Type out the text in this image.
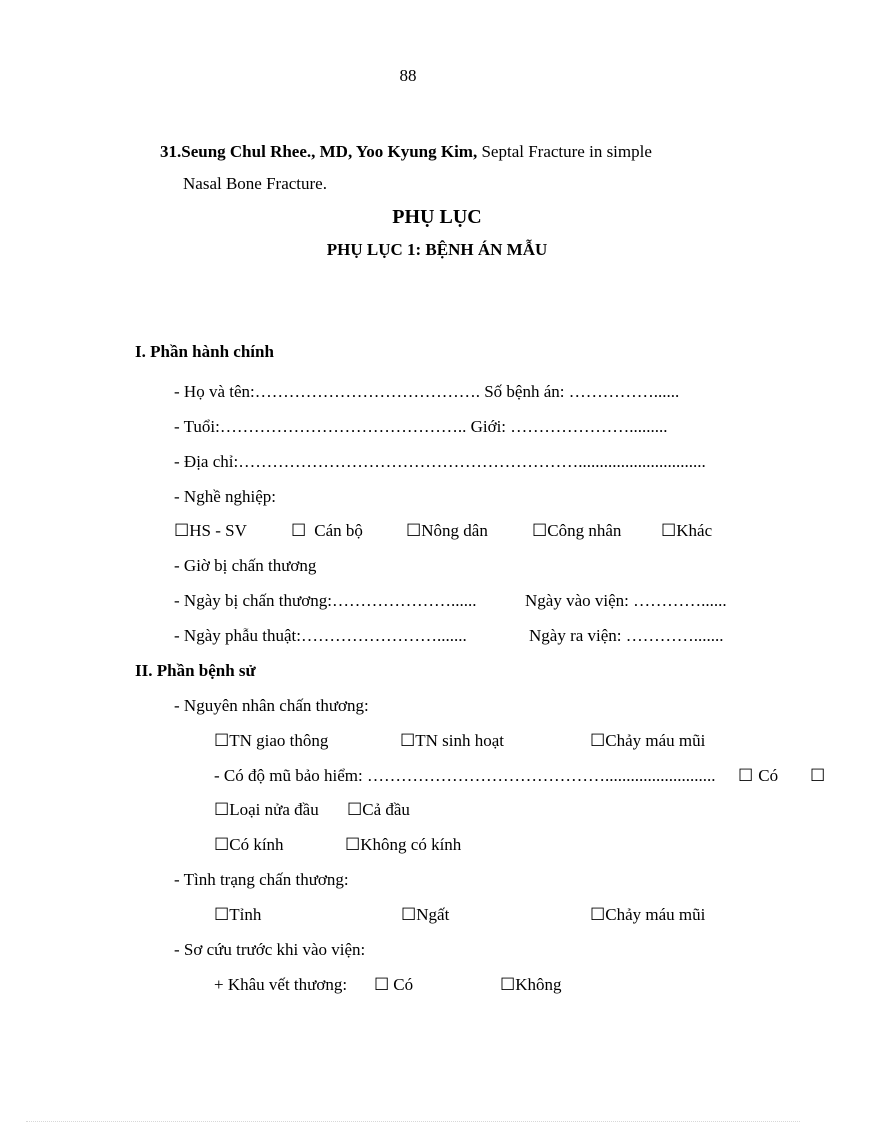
88
31.Seung Chul Rhee., MD, Yoo Kyung Kim, Septal Fracture in simple
Nasal Bone Fracture.
PHỤ LỤC
PHỤ LỤC 1: BỆNH ÁN MẪU
I. Phần hành chính
- Họ và tên:…………………………………. Số bệnh án: ……………......
- Tuổi:…………………………………….. Giới: ………………….........
- Địa chỉ:……………………………………………………..............................
- Nghề nghiệp:
☐HS - SV	☐ Cán bộ	☐Nông dân	☐Công nhân ☐Khác
- Giờ bị chấn thương
- Ngày bị chấn thương:…………………......	Ngày vào viện: …………......
- Ngày phẫu thuật:…………………….......	Ngày ra viện: ………….......
II. Phần bệnh sử
- Nguyên nhân chấn thương:
☐TN giao thông	☐TN sinh hoạt	☐Chảy máu mũi
- Có độ mũ bảo hiểm: …………………………………….......................... ☐ Có ☐
☐Loại nửa đầu ☐Cả đầu
☐Có kính	☐Không có kính
- Tình trạng chấn thương:
☐Tỉnh	☐Ngất	☐Chảy máu mũi
- Sơ cứu trước khi vào viện:
+ Khâu vết thương: ☐ Có	☐Không
